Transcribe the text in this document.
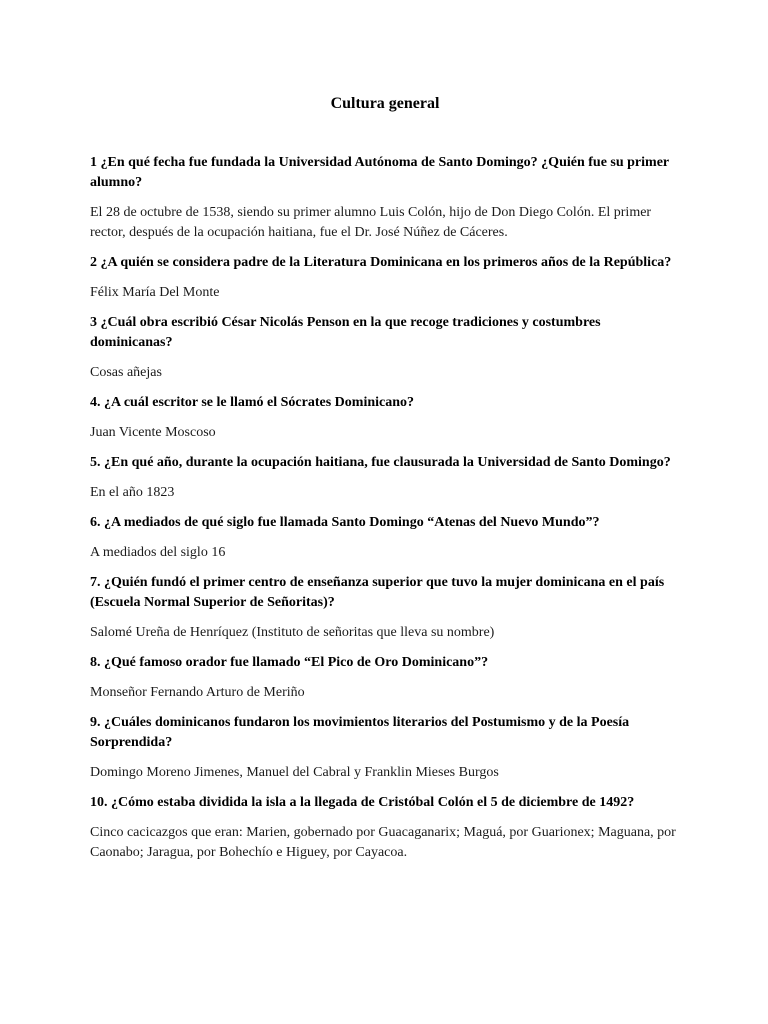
Cultura general

1 ¿En qué fecha fue fundada la Universidad Autónoma de Santo Domingo? ¿Quién fue su primer alumno?

El 28 de octubre de 1538, siendo su primer alumno Luis Colón, hijo de Don Diego Colón. El primer rector, después de la ocupación haitiana, fue el Dr. José Núñez de Cáceres.

2 ¿A quién se considera padre de la Literatura Dominicana en los primeros años de la República?

Félix María Del Monte

3 ¿Cuál obra escribió César Nicolás Penson en la que recoge tradiciones y costumbres dominicanas?

Cosas añejas

4. ¿A cuál escritor se le llamó el Sócrates Dominicano?

Juan Vicente Moscoso

5. ¿En qué año, durante la ocupación haitiana, fue clausurada la Universidad de Santo Domingo?

En el año 1823

6. ¿A mediados de qué siglo fue llamada Santo Domingo “Atenas del Nuevo Mundo”?

A mediados del siglo 16

7. ¿Quién fundó el primer centro de enseñanza superior que tuvo la mujer dominicana en el país (Escuela Normal Superior de Señoritas)?

Salomé Ureña de Henríquez (Instituto de señoritas que lleva su nombre)

8. ¿Qué famoso orador fue llamado “El Pico de Oro Dominicano”?

Monseñor Fernando Arturo de Meriño

9. ¿Cuáles dominicanos fundaron los movimientos literarios del Postumismo y de la Poesía Sorprendida?

Domingo Moreno Jimenes, Manuel del Cabral y Franklin Mieses Burgos

10. ¿Cómo estaba dividida la isla a la llegada de Cristóbal Colón el 5 de diciembre de 1492?

Cinco cacicazgos que eran: Marien, gobernado por Guacaganarix; Maguá, por Guarionex; Maguana, por Caonabo; Jaragua, por Bohechío e Higuey, por Cayacoa.
